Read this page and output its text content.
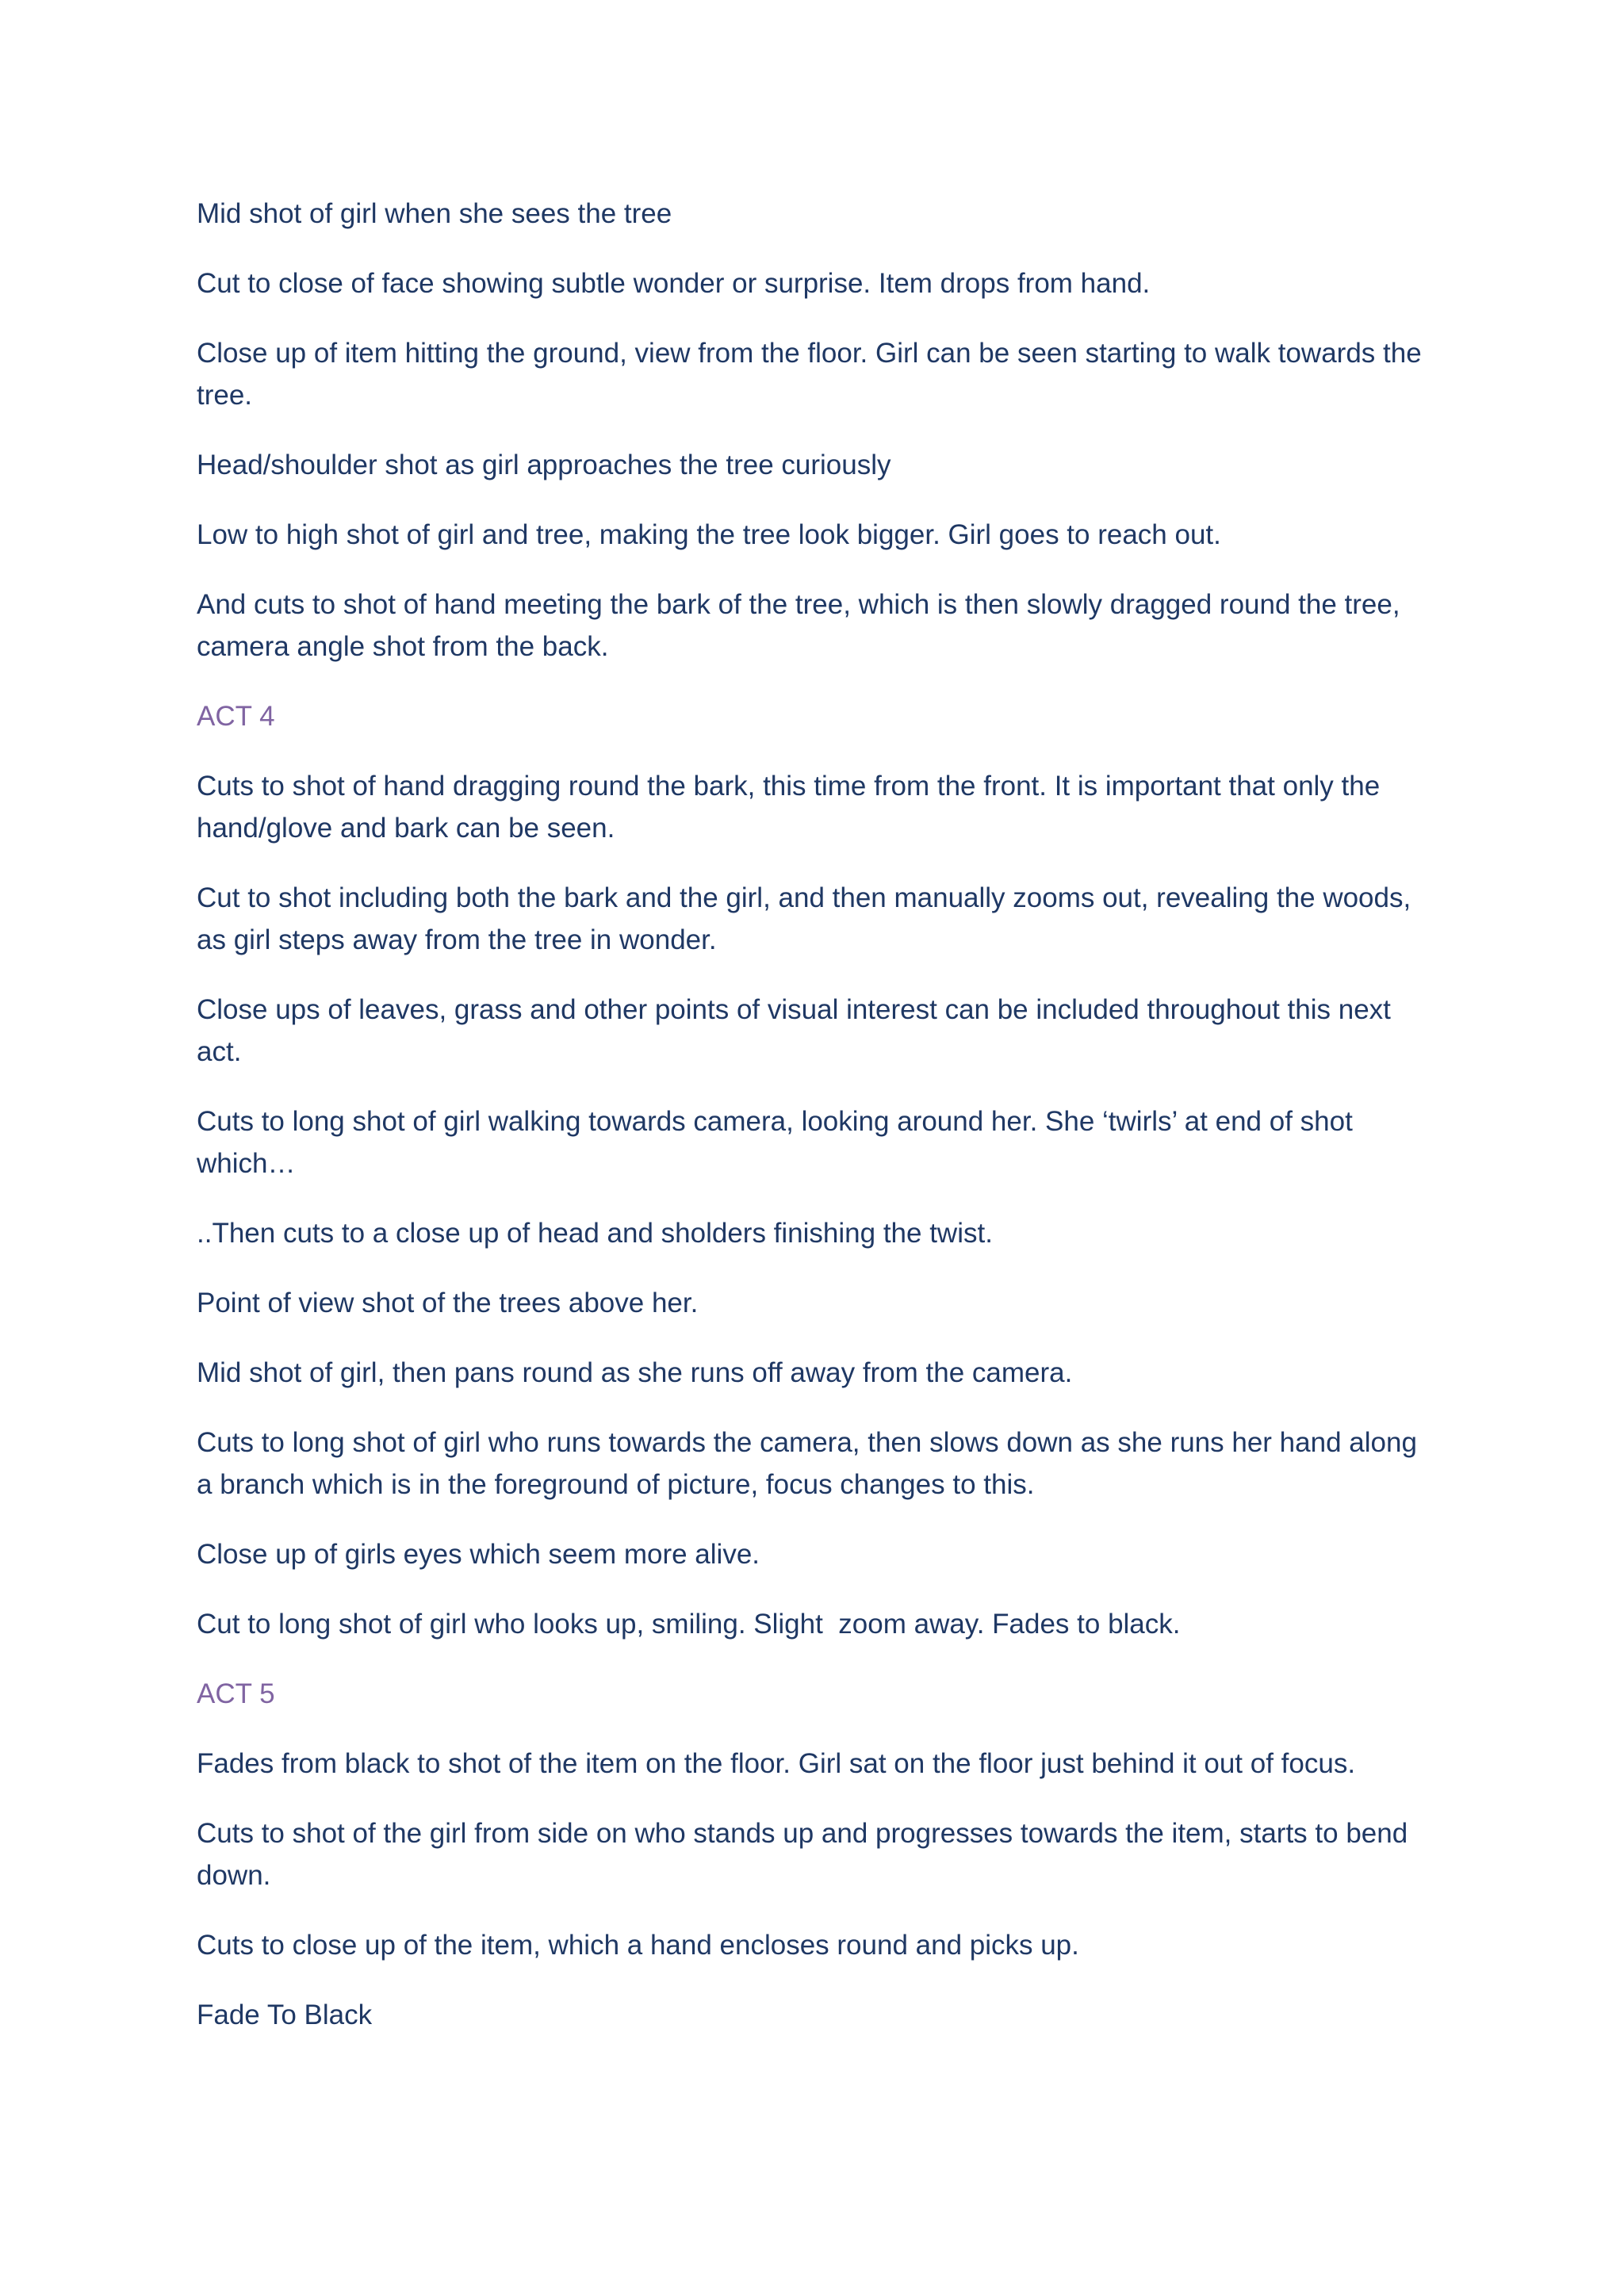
Mid shot of girl when she sees the tree

Cut to close of face showing subtle wonder or surprise. Item drops from hand.

Close up of item hitting the ground, view from the floor. Girl can be seen starting to walk towards the tree.

Head/shoulder shot as girl approaches the tree curiously

Low to high shot of girl and tree, making the tree look bigger. Girl goes to reach out.

And cuts to shot of hand meeting the bark of the tree, which is then slowly dragged round the tree, camera angle shot from the back.

ACT 4

Cuts to shot of hand dragging round the bark, this time from the front. It is important that only the hand/glove and bark can be seen.

Cut to shot including both the bark and the girl, and then manually zooms out, revealing the woods, as girl steps away from the tree in wonder.

Close ups of leaves, grass and other points of visual interest can be included throughout this next act.

Cuts to long shot of girl walking towards camera, looking around her. She ‘twirls’ at end of shot which…

..Then cuts to a close up of head and sholders finishing the twist.

Point of view shot of the trees above her.

Mid shot of girl, then pans round as she runs off away from the camera.

Cuts to long shot of girl who runs towards the camera, then slows down as she runs her hand along a branch which is in the foreground of picture, focus changes to this.

Close up of girls eyes which seem more alive.

Cut to long shot of girl who looks up, smiling. Slight  zoom away. Fades to black.

ACT 5

Fades from black to shot of the item on the floor. Girl sat on the floor just behind it out of focus.

Cuts to shot of the girl from side on who stands up and progresses towards the item, starts to bend down.

Cuts to close up of the item, which a hand encloses round and picks up.

Fade To Black
